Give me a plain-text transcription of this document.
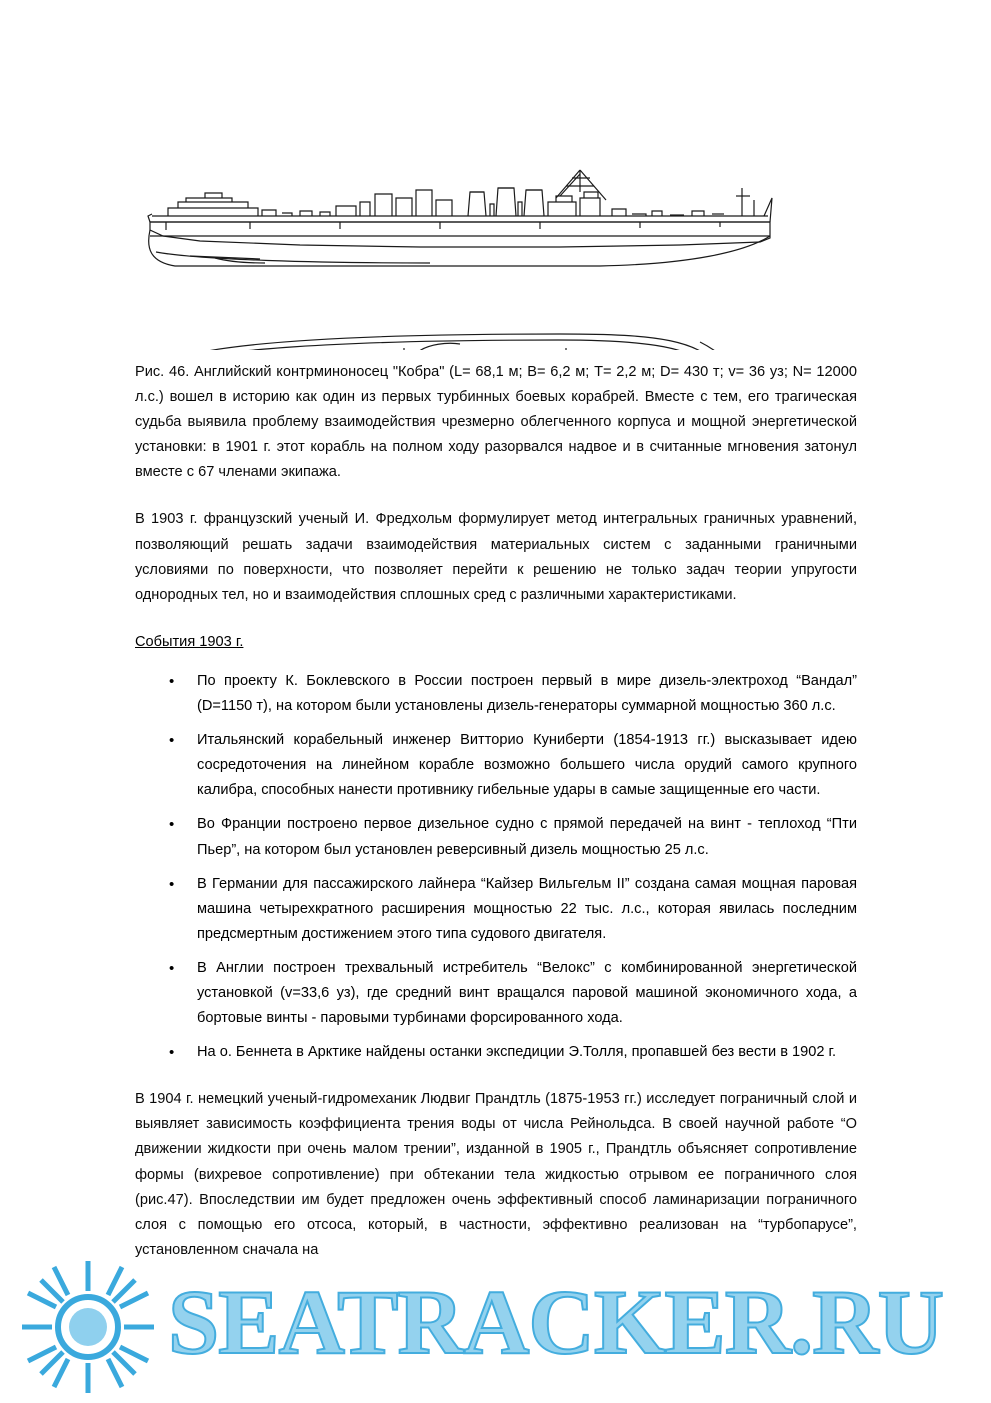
Рис. 46. Английский контрминоносец "Кобра" (L= 68,1 м; В= 6,2 м; Т= 2,2 м; D= 430 т; v= 36 уз; N= 12000 л.с.) вошел в историю как один из первых турбинных боевых корабрей. Вместе с тем, его трагическая судьба выявила проблему взаимодействия чрезмерно облегченного корпуса и мощной энергетической установки: в 1901 г. этот корабль на полном ходу разорвался надвое и в считанные мгновения затонул вместе с 67 членами экипажа.

В 1903 г. французский ученый И. Фредхольм формулирует метод интегральных граничных уравнений, позволяющий решать задачи взаимодействия материальных систем с заданными граничными условиями по поверхности, что позволяет перейти к решению не только задач теории упругости однородных тел, но и взаимодействия сплошных сред с различными характеристиками.

События 1903 г.

• По проекту К. Боклевского в России построен первый в мире дизель-электроход “Вандал” (D=1150 т), на котором были установлены дизель-генераторы суммарной мощностью 360 л.с.
• Итальянский корабельный инженер Витторио Куниберти (1854-1913 гг.) высказывает идею сосредоточения на линейном корабле возможно большего числа орудий самого крупного калибра, способных нанести противнику гибельные удары в самые защищенные его части.
• Во Франции построено первое дизельное судно с прямой передачей на винт - теплоход “Пти Пьер”, на котором был установлен реверсивный дизель мощностью 25 л.с.
• В Германии для пассажирского лайнера “Кайзер Вильгельм II” создана самая мощная паровая машина четырехкратного расширения мощностью 22 тыс. л.с., которая явилась последним предсмертным достижением этого типа судового двигателя.
• В Англии построен трехвальный истребитель “Велокс” с комбинированной энергетической установкой (v=33,6 уз), где средний винт вращался паровой машиной экономичного хода, а бортовые винты - паровыми турбинами форсированного хода.
• На о. Беннета в Арктике найдены останки экспедиции Э.Толля, пропавшей без вести в 1902 г.

В 1904 г. немецкий ученый-гидромеханик Людвиг Прандтль (1875-1953 гг.) исследует пограничный слой и выявляет зависимость коэффициента трения воды от числа Рейнольдса. В своей научной работе “О движении жидкости при очень малом трении”, изданной в 1905 г., Прандтль объясняет сопротивление формы (вихревое сопротивление) при обтекании тела жидкостью отрывом ее пограничного слоя (рис.47). Впоследствии им будет предложен очень эффективный способ ламинаризации пограничного слоя с помощью его отсоса, который, в частности, эффективно реализован на “турбопарусе”, установленном сначала на

SEATRACKER.RU
